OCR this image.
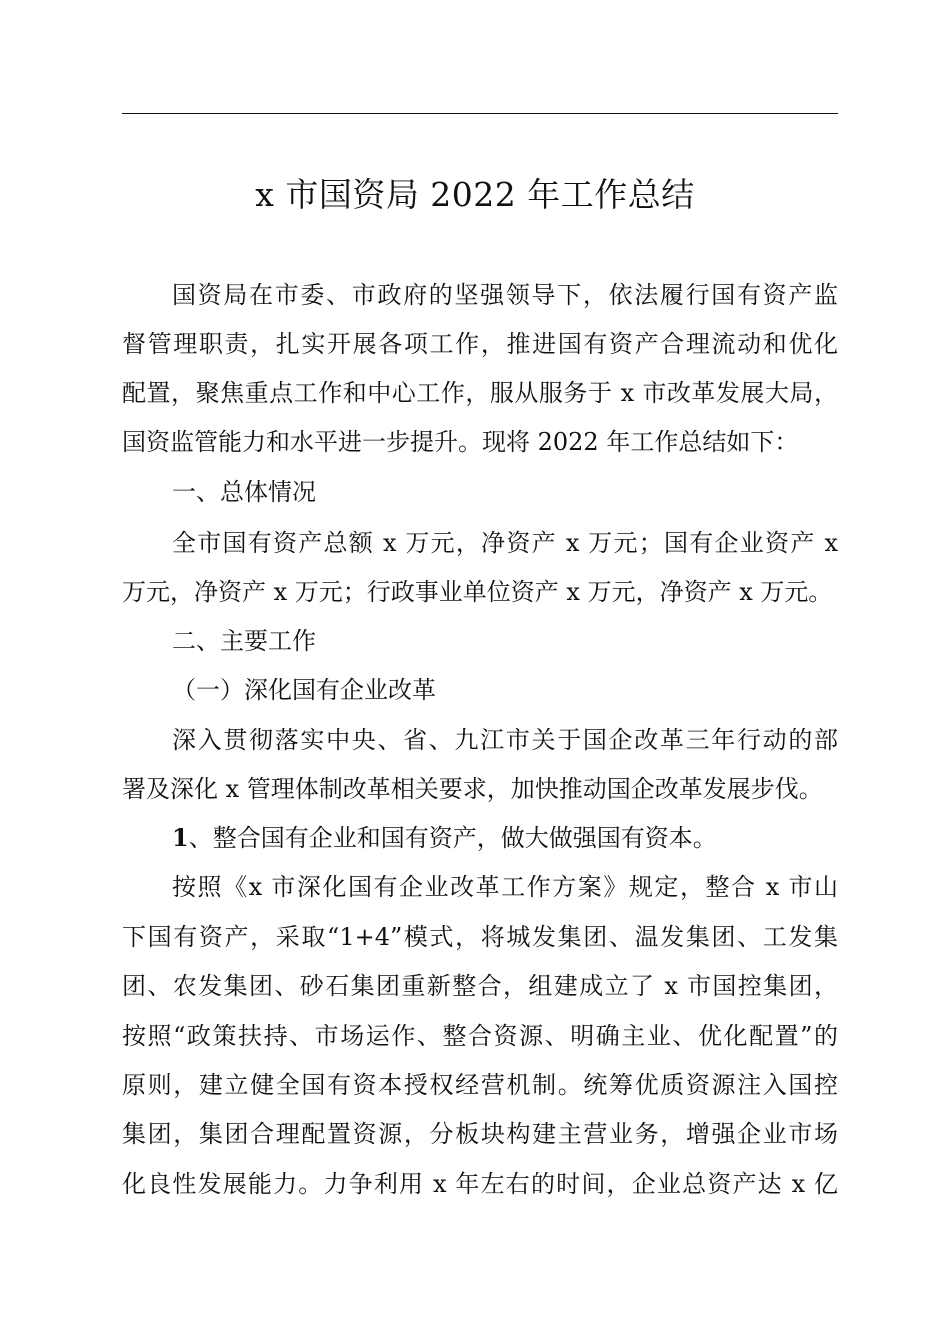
x 市国资局 2022 年工作总结
国资局在市委、市政府的坚强领导下，依法履行国有资产监
督管理职责，扎实开展各项工作，推进国有资产合理流动和优化
配置，聚焦重点工作和中心工作，服从服务于 x 市改革发展大局，
国资监管能力和水平进一步提升。现将 2022 年工作总结如下：
一、总体情况
全市国有资产总额 x 万元，净资产 x 万元；国有企业资产 x
万元，净资产 x 万元；行政事业单位资产 x 万元，净资产 x 万元。
二、主要工作
（一）深化国有企业改革
深入贯彻落实中央、省、九江市关于国企改革三年行动的部
署及深化 x 管理体制改革相关要求，加快推动国企改革发展步伐。
1、整合国有企业和国有资产，做大做强国有资本。
按照《x 市深化国有企业改革工作方案》规定，整合 x 市山
下国有资产，采取“1+4”模式，将城发集团、温发集团、工发集
团、农发集团、砂石集团重新整合，组建成立了 x 市国控集团，
按照“政策扶持、市场运作、整合资源、明确主业、优化配置”的
原则，建立健全国有资本授权经营机制。统筹优质资源注入国控
集团，集团合理配置资源，分板块构建主营业务，增强企业市场
化良性发展能力。力争利用 x 年左右的时间，企业总资产达 x 亿
